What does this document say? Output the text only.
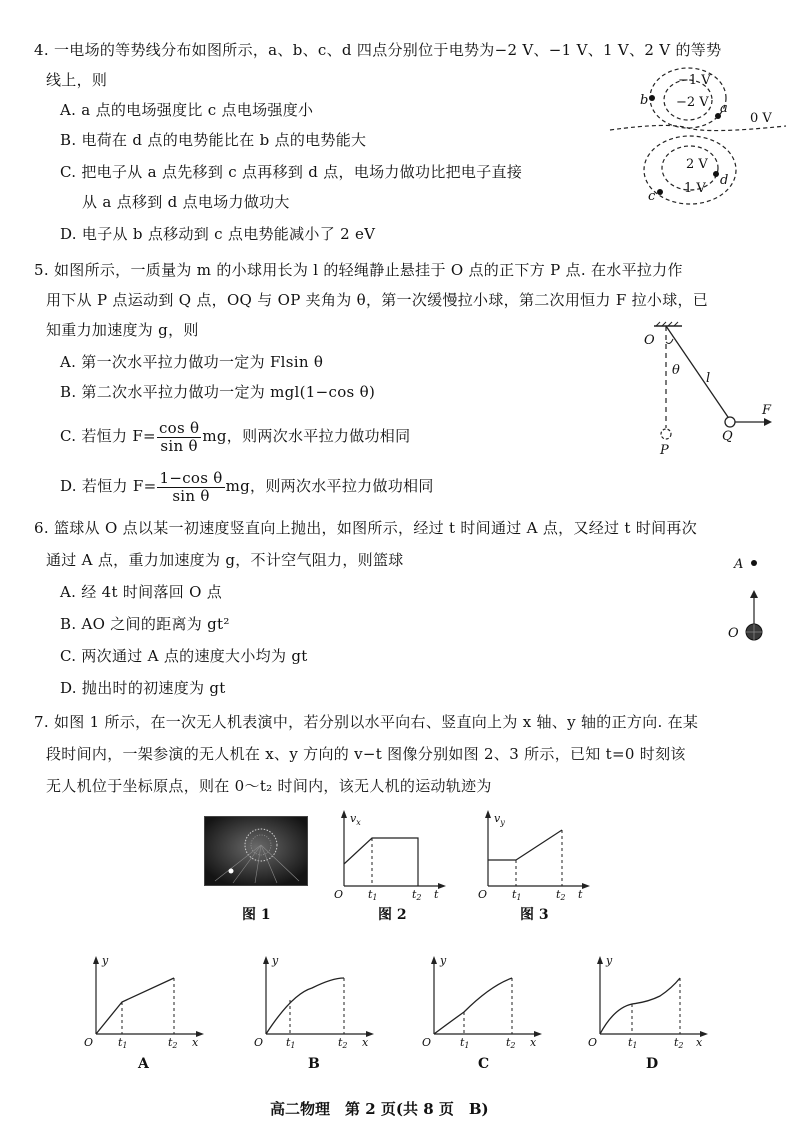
4. 一电场的等势线分布如图所示，a、b、c、d 四点分别位于电势为−2 V、−1 V、1 V、2 V 的等势
线上，则
A. a 点的电场强度比 c 点电场强度小
B. 电荷在 d 点的电势能比在 b 点的电势能大
C. 把电子从 a 点先移到 c 点再移到 d 点，电场力做功比把电子直接
从 a 点移到 d 点电场力做功大
D. 电子从 b 点移动到 c 点电势能减小了 2 eV
−1 V
−2 V
0 V
2 V
1 V
a
b
c
d
5. 如图所示，一质量为 m 的小球用长为 l 的轻绳静止悬挂于 O 点的正下方 P 点. 在水平拉力作
用下从 P 点运动到 Q 点，OQ 与 OP 夹角为 θ，第一次缓慢拉小球，第二次用恒力 F 拉小球，已
知重力加速度为 g，则
A. 第一次水平拉力做功一定为 Flsin θ
B. 第二次水平拉力做功一定为 mgl(1−cos θ)
C. 若恒力 $F= \frac{\text{cos θ}}{\text{sin θ}}$ mg，则两次水平拉力做功相同
D. 若恒力 $F= \frac{\text{1−cos θ}}{\text{sin θ}}$ mg，则两次水平拉力做功相同
O
θ
l
F
Q
P
6. 篮球从 O 点以某一初速度竖直向上抛出，如图所示，经过 t 时间通过 A 点，又经过 t 时间再次
通过 A 点，重力加速度为 g，不计空气阻力，则篮球
A. 经 4t 时间落回 O 点
B. AO 之间的距离为 gt²
C. 两次通过 A 点的速度大小均为 gt
D. 抛出时的初速度为 gt
A
O
7. 如图 1 所示，在一次无人机表演中，若分别以水平向右、竖直向上为 x 轴、y 轴的正方向. 在某
段时间内，一架参演的无人机在 x、y 方向的 v−t 图像分别如图 2、3 所示，已知 t=0 时刻该
无人机位于坐标原点，则在 0～t₂ 时间内，该无人机的运动轨迹为
图 1
$v_x$
O t1	t2 t
图 2
$v_y$
O t1	t2 t
图 3
y
O t1	t2 x
A
y
O t1	t2 x
B
y
O	t1	t2 x
C
y
O	t1	t2 x
D
高二物理　第 2 页(共 8 页　B)
